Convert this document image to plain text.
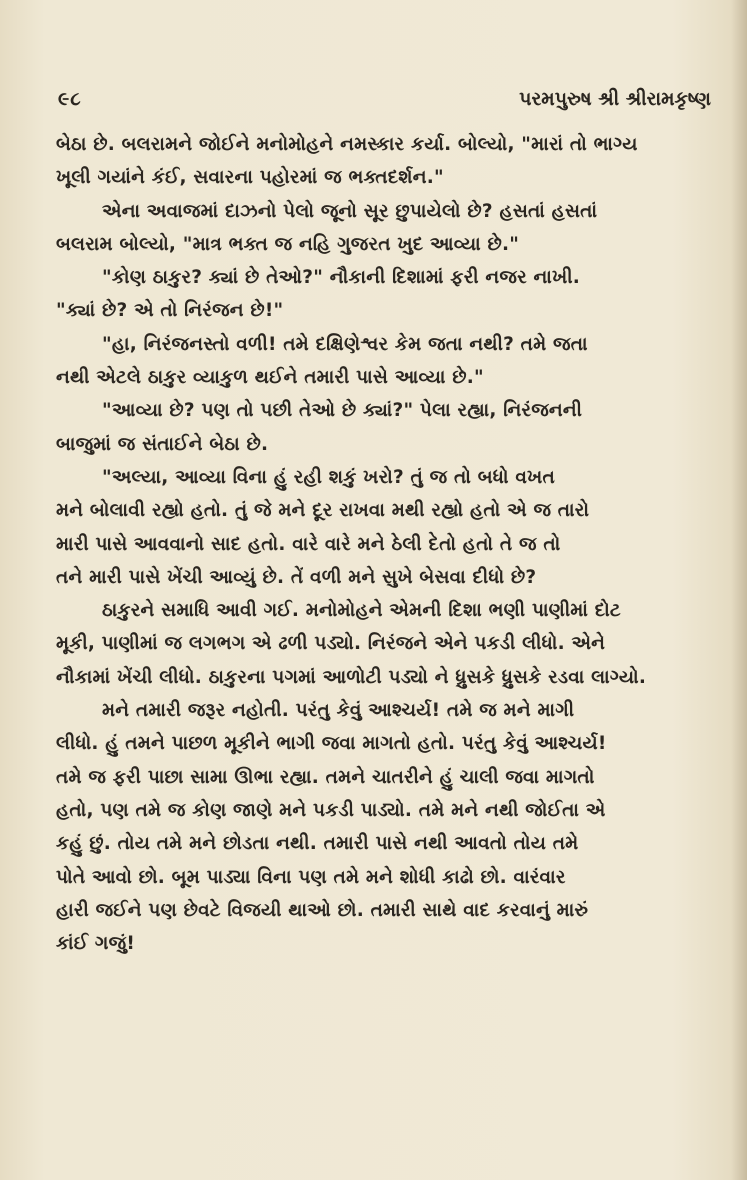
૯૮	પરમપુરુષ શ્રી શ્રીરામકૃષ્ણ
બેઠા છે. બલરામને જોઈને મનોમોહને નમસ્કાર કર્યા. બોલ્યો, "મારાં તો ભાગ્ય
ખૂલી ગયાંને કંઈ, સવારના પહોરમાં જ ભક્તદર્શન."
એના અવાજમાં દાઝનો પેલો જૂનો સૂર છુપાયેલો છે? હસતાં હસતાં
બલરામ બોલ્યો, "માત્ર ભક્ત જ નહિ ગુજરત ખુદ આવ્યા છે."
"કોણ ઠાકુર? ક્યાં છે તેઓ?" નૌકાની દિશામાં ફરી નજર નાખી.
"ક્યાં છે? એ તો નિરંજન છે!"
"હા, નિરંજનસ્તો વળી! તમે દક્ષિણેશ્વર કેમ જતા નથી? તમે જતા
નથી એટલે ઠાકુર વ્યાકુળ થઈને તમારી પાસે આવ્યા છે."
"આવ્યા છે? પણ તો પછી તેઓ છે ક્યાં?" પેલા રહ્યા, નિરંજનની
બાજુમાં જ સંતાઈને બેઠા છે.
"અલ્યા, આવ્યા વિના હું રહી શકું ખરો? તું જ તો બધો વખત
મને બોલાવી રહ્યો હતો. તું જે મને દૂર રાખવા મથી રહ્યો હતો એ જ તારો
મારી પાસે આવવાનો સાદ હતો. વારે વારે મને ઠેલી દેતો હતો તે જ તો
તને મારી પાસે ખેંચી આવ્યું છે. તેં વળી મને સુખે બેસવા દીધો છે?
ઠાકુરને સમાધિ આવી ગઈ. મનોમોહને એમની દિશા ભણી પાણીમાં દોટ
મૂકી, પાણીમાં જ લગભગ એ ઢળી પડ્યો. નિરંજને એને પકડી લીધો. એને
નૌકામાં ખેંચી લીધો. ઠાકુરના પગમાં આળોટી પડ્યો ને ધ્રુસકે ધ્રુસકે રડવા લાગ્યો.
મને તમારી જરૂર નહોતી. પરંતુ કેવું આશ્ચર્ય! તમે જ મને માગી
લીધો. હું તમને પાછળ મૂકીને ભાગી જવા માગતો હતો. પરંતુ કેવું આશ્ચર્ય!
તમે જ ફરી પાછા સામા ઊભા રહ્યા. તમને ચાતરીને હું ચાલી જવા માગતો
હતો, પણ તમે જ કોણ જાણે મને પકડી પાડ્યો. તમે મને નથી જોઈતા એ
કહું છું. તોય તમે મને છોડતા નથી. તમારી પાસે નથી આવતો તોય તમે
પોતે આવો છો. બૂમ પાડ્યા વિના પણ તમે મને શોધી કાઢો છો. વારંવાર
હારી જઈને પણ છેવટે વિજયી થાઓ છો. તમારી સાથે વાદ કરવાનું મારું
કાંઈ ગજું!
